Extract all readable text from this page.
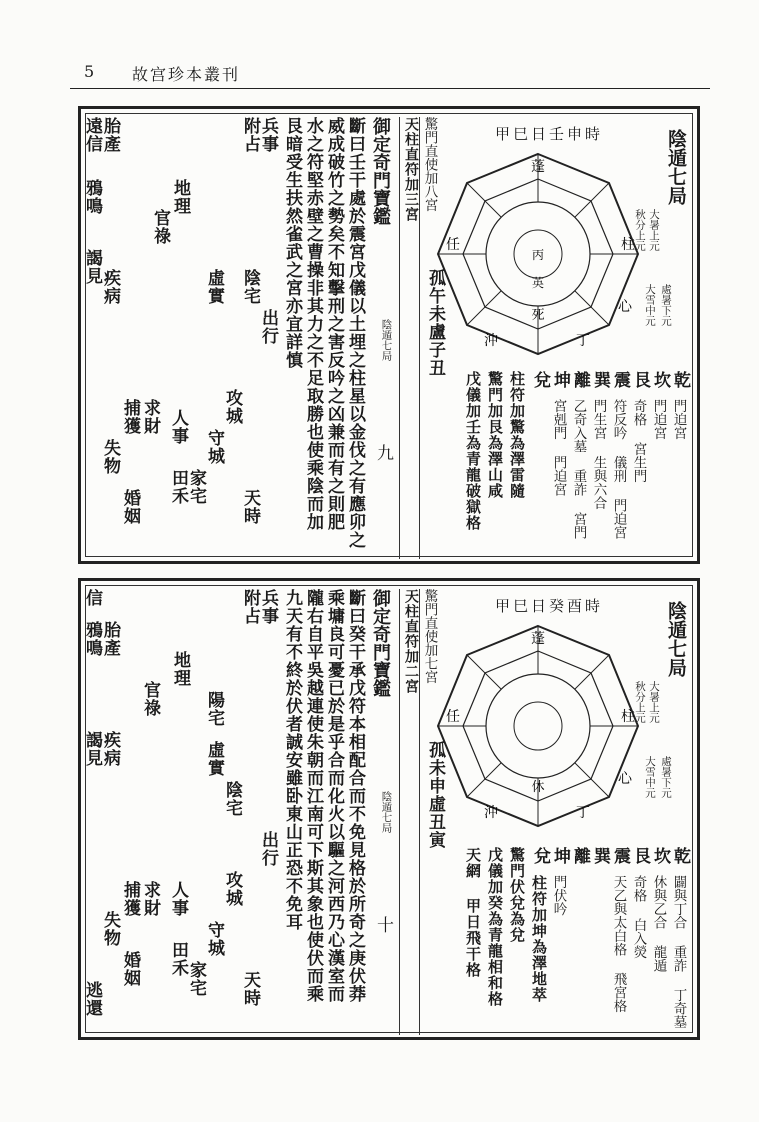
5 故宫珍本叢刊
陰遁七局
大暑上元
秋分上元
處暑下元
大雪中元
甲巳日壬申時
丙
英
死
蓬
丁
心
柱
任
沖
孤午未盧子丑
天柱直符加三宮 驚門直使加八宮
乾
坎
艮
震
巽
離
坤
兌
門迫宮
門迫宮
奇格 宮生門
符反吟 儀刑 門迫宮
門生宮 生與六合
乙奇入墓 重詐 宮門
宮剋門 門迫宮
柱符加驚為澤雷隨
驚門加艮為澤山咸
戊儀加壬為青龍破獄格
御定奇門寶鑑
陰遁七局
九
斷曰壬干處於震宮戊儀以土埋之柱星以金伐之有應卯之
威成破竹之勢矣不知擊刑之害反吟之凶兼而有之則肥
水之符堅赤壁之曹操非其力之不足取勝也使乘陰而加
艮暗受生扶然雀武之宮亦宜詳慎
兵事
附占
胎產
遠信
鴉鳴
謁見
疾病
官祿
地理
虛實 陰宅
出行
攻城
守城
家宅
天時
求財
捕獲
失物
婚姻
人事
田禾
陰遁七局
大暑上元
秋分上元
處暑下元
大雪中元
甲巳日癸酉時
休
蓬
丁
心
柱
任
沖
孤未申虛丑寅
天柱直符加二宮 驚門直使加七宮
乾
坎
艮
震
巽
離
坤
兌
闢與丁合 重詐 丁奇墓
休與乙合 龍遁
奇格 白入熒
天乙與太白格 飛宮格
門伏吟
柱符加坤為澤地萃
驚門伏兌為兌
戊儀加癸為青龍相和格
天網 甲日飛干格
御定奇門寶鑑
陰遁七局
十
斷曰癸干承戊符本相配合而不免見格於所奇之庚伏莽
乘墉良可憂已於是乎合而化火以驅之河西乃心漢室而
隴右自平吳越連使朱朝而江南可下斯其象也使伏而乘
九天有不終於伏者誠安雖卧東山正恐不免耳
兵事
附占
信
胎產
鴉鳴
謁見
疾病
官祿
地理
虛實
陽宅
陰宅
出行
攻城
守城
家宅 天時
求財
捕獲
失物
婚姻
人事
田禾
逃還
